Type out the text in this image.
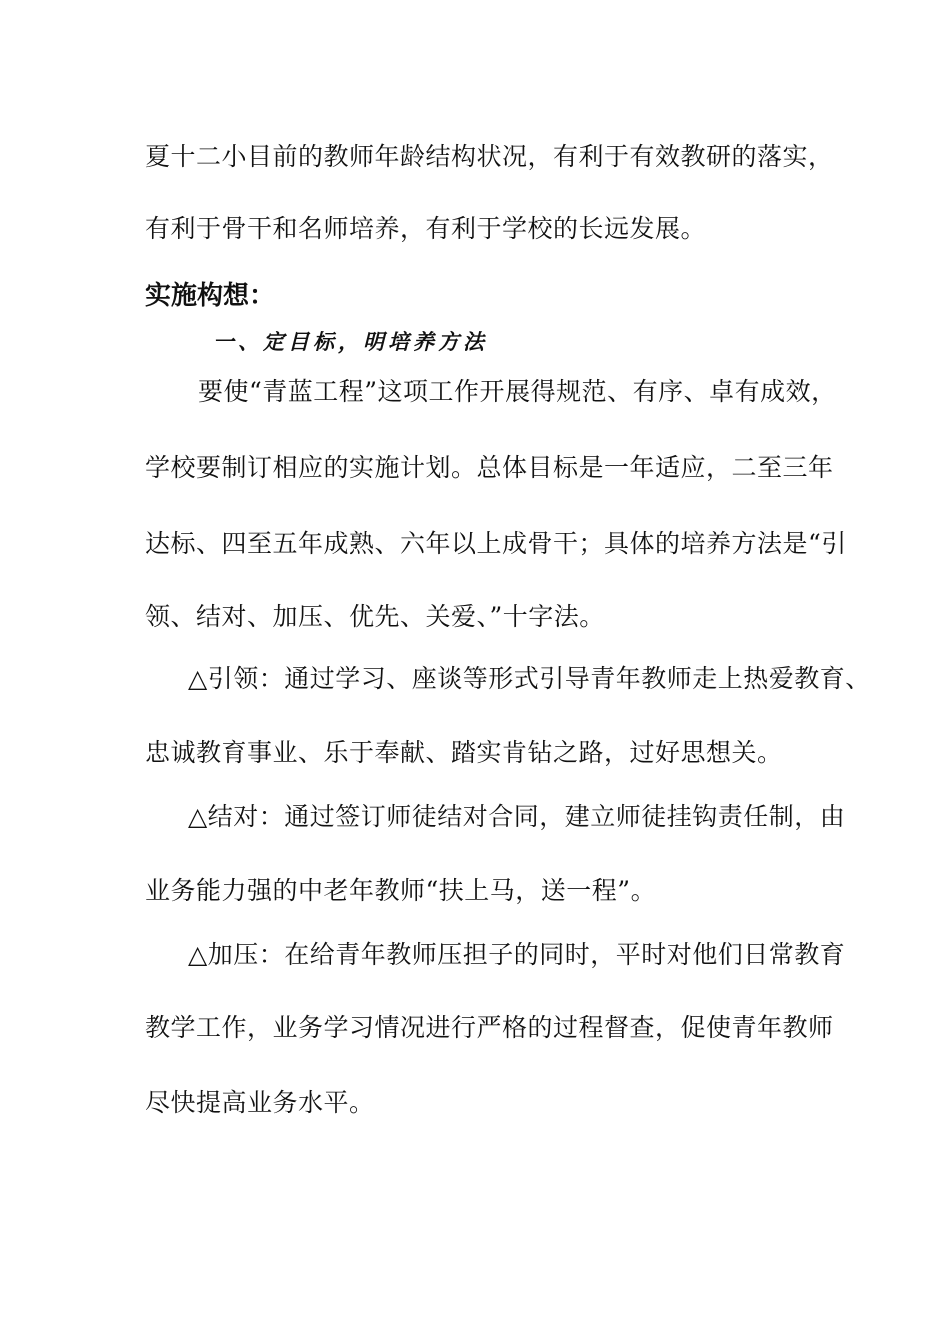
夏十二小目前的教师年龄结构状况，有利于有效教研的落实，
有利于骨干和名师培养，有利于学校的长远发展。
实施构想：
一、定目标，明培养方法
要使“青蓝工程”这项工作开展得规范、有序、卓有成效，
学校要制订相应的实施计划。总体目标是一年适应，二至三年
达标、四至五年成熟、六年以上成骨干；具体的培养方法是“引
领、结对、加压、优先、关爱、”十字法。
△引领：通过学习、座谈等形式引导青年教师走上热爱教育、
忠诚教育事业、乐于奉献、踏实肯钻之路，过好思想关。
△结对：通过签订师徒结对合同，建立师徒挂钩责任制，由
业务能力强的中老年教师“扶上马，送一程”。
△加压：在给青年教师压担子的同时，平时对他们日常教育
教学工作，业务学习情况进行严格的过程督查，促使青年教师
尽快提高业务水平。
